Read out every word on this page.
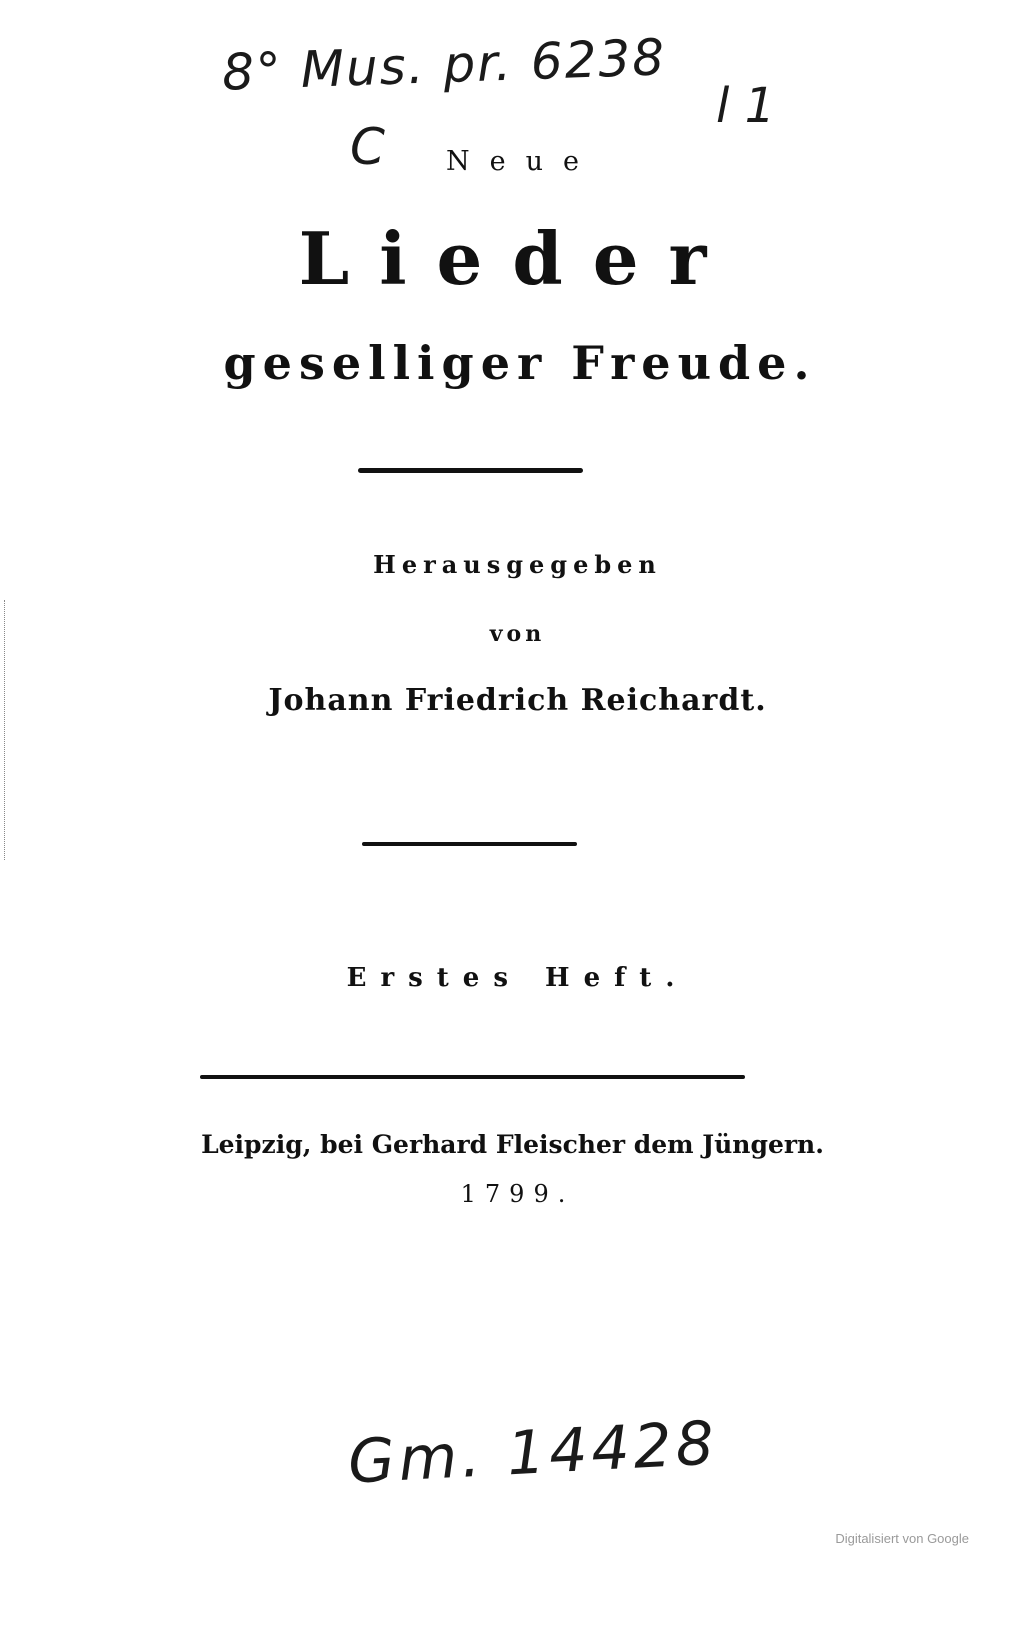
8° Mus. pr. 6238
l 1
C	Neue
Lieder
geselliger Freude.
Herausgegeben
von
Johann Friedrich Reichardt.
Erstes Heft.
Leipzig, bei Gerhard Fleischer dem Jüngern.
1799.
Gm. 14428
Digitalisiert von Google
